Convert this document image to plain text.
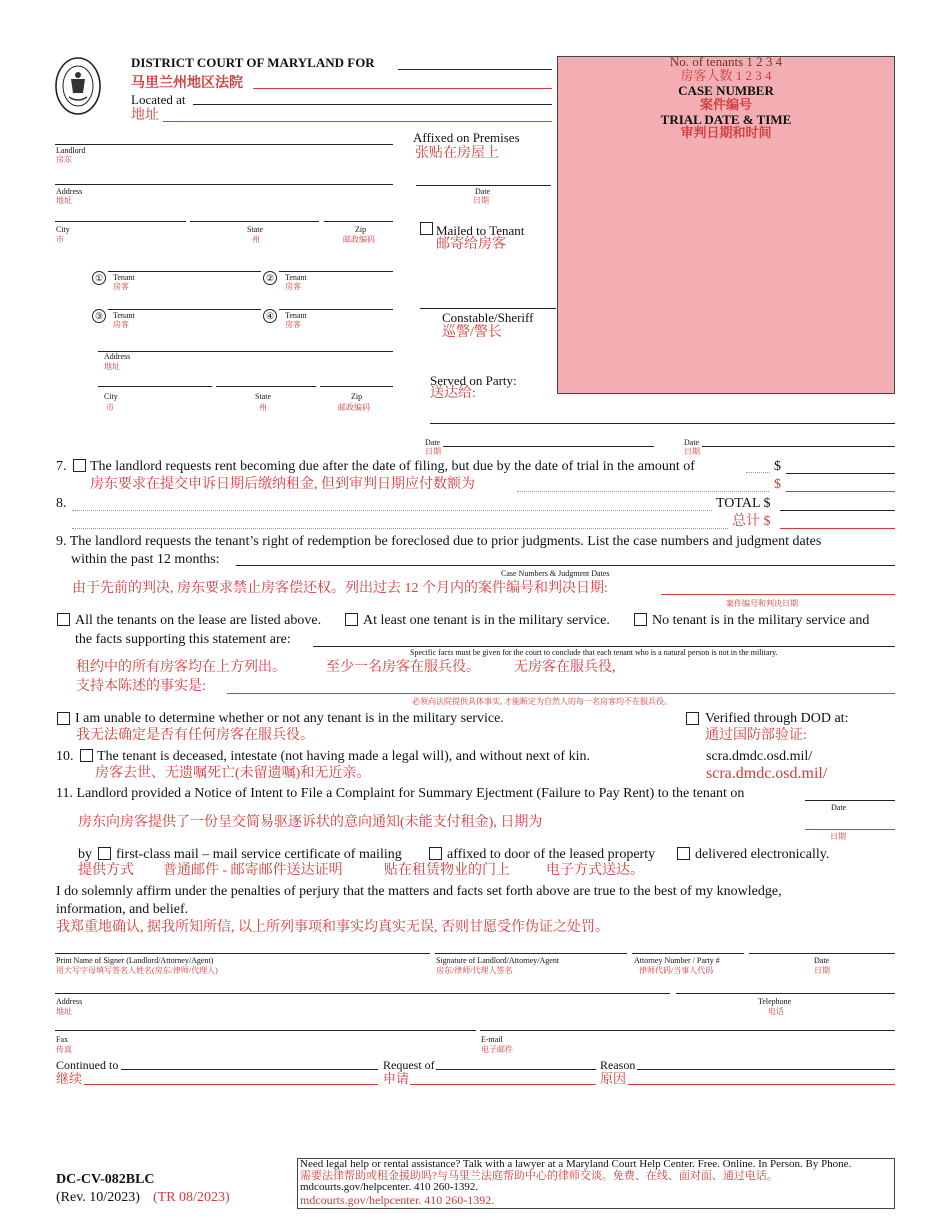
DISTRICT COURT OF MARYLAND FOR
马里兰州地区法院
Located at
地址
No. of tenants 1 2 3 4
房客人数 1 2 3 4
CASE NUMBER
案件编号
TRIAL DATE & TIME
审判日期和时间
Landlord
房东
Address
地址
City
市
State
州
Zip
邮政编码
①	Tenant
房客
②	Tenant
房客
③	Tenant
房客
④	Tenant
房客
Address
地址
City
市
State
州
Zip
邮政编码
Affixed on Premises
张贴在房屋上
Date
日期
Mailed to Tenant
邮寄给房客
Constable/Sheriff
巡警/警长
Served on Party:
送达给:
Date
日期
Date
日期
7. The landlord requests rent becoming due after the date of filing, but due by the date of trial in the amount of	$
房东要求在提交申诉日期后缴纳租金, 但到审判日期应付数额为	$
8.	TOTAL $
总计 $
9. The landlord requests the tenant’s right of redemption be foreclosed due to prior judgments. List the case numbers and judgment dates
within the past 12 months:
Case Numbers & Judgment Dates
由于先前的判决, 房东要求禁止房客偿还权。列出过去 12 个月内的案件编号和判决日期:
案件编号和判决日期
All the tenants on the lease are listed above.	At least one tenant is in the military service.	No tenant is in the military service and
the facts supporting this statement are:
Specific facts must be given for the court to conclude that each tenant who is a natural person is not in the military.
租约中的所有房客均在上方列出。	至少一名房客在服兵役。 无房客在服兵役,
支持本陈述的事实是:
必须向法院提供具体事实, 才能断定为自然人的每一名房客均不在服兵役。
I am unable to determine whether or not any tenant is in the military service.
我无法确定是否有任何房客在服兵役。
Verified through DOD at:
通过国防部验证:
10. The tenant is deceased, intestate (not having made a legal will), and without next of kin.	scra.dmdc.osd.mil/
房客去世、无遗嘱死亡(未留遗嘱)和无近亲。	scra.dmdc.osd.mil/
11. Landlord provided a Notice of Intent to File a Complaint for Summary Ejectment (Failure to Pay Rent) to the tenant on
Date
房东向房客提供了一份呈交简易驱逐诉状的意向通知(未能支付租金), 日期为
日期
by first-class mail – mail service certificate of mailing	affixed to door of the leased property	delivered electronically.
提供方式 普通邮件 - 邮寄邮件送达证明	贴在租赁物业的门上	电子方式送达。
I do solemnly affirm under the penalties of perjury that the matters and facts set forth above are true to the best of my knowledge,
information, and belief.
我郑重地确认, 据我所知所信, 以上所列事项和事实均真实无误, 否则甘愿受作伪证之处罚。
Print Name of Signer (Landlord/Attorney/Agent)
用大写字母填写签名人姓名(房东/律师/代理人)
Signature of Landlord/Attorney/Agent
房东/律师/代理人签名
Attorney Number / Party #
律师代码/当事人代码
Date
日期
Address
地址
Telephone
电话
Fax
传真
E-mail
电子邮件
Continued to	Request of	Reason
继续	申请	原因
DC-CV-082BLC
(Rev. 10/2023) (TR 08/2023)
Need legal help or rental assistance? Talk with a lawyer at a Maryland Court Help Center. Free. Online. In Person. By Phone.
需要法律帮助或租金援助吗?与马里兰法庭帮助中心的律师交谈。免费、在线、面对面、通过电话。
mdcourts.gov/helpcenter. 410 260-1392.
mdcourts.gov/helpcenter. 410 260-1392.
